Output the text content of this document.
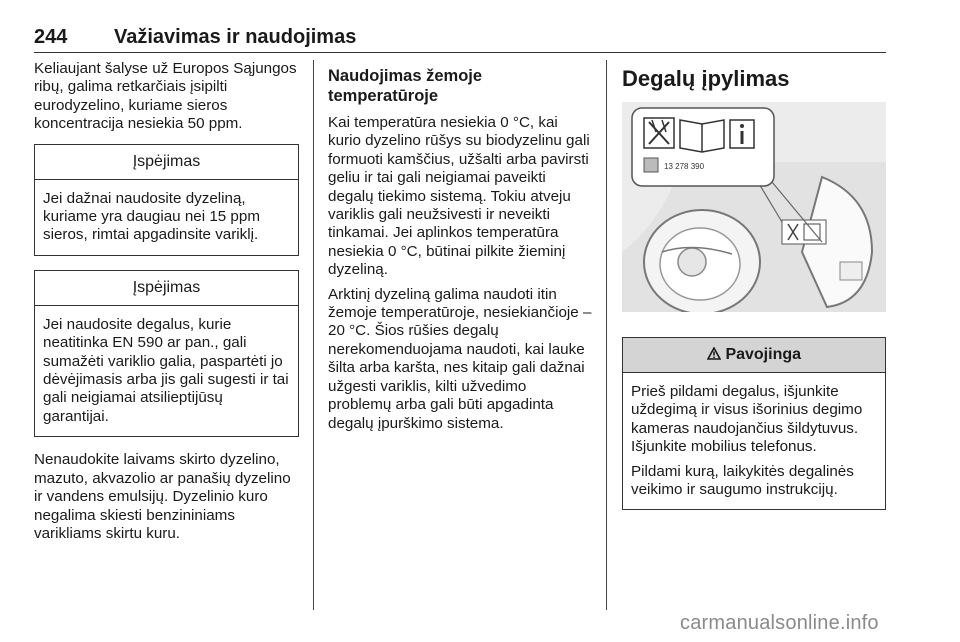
244 Važiavimas ir naudojimas

Keliaujant šalyse už Europos Sąjungos ribų, galima retkarčiais įsipilti eurodyzelino, kuriame sieros koncentracija nesiekia 50 ppm.

Įspėjimas

Jei dažnai naudosite dyzeliną, kuriame yra daugiau nei 15 ppm sieros, rimtai apgadinsite variklį.

Įspėjimas

Jei naudosite degalus, kurie neatitinka EN 590 ar pan., gali sumažėti variklio galia, paspartėti jo dėvėjimasis arba jis gali sugesti ir tai gali neigiamai atsilieptijūsų garantijai.

Nenaudokite laivams skirto dyzelino, mazuto, akvazolio ar panašių dyzelino ir vandens emulsijų. Dyzelinio kuro negalima skiesti benzininiams varikliams skirtu kuru.

Naudojimas žemoje temperatūroje

Kai temperatūra nesiekia 0 °C, kai kurio dyzelino rūšys su biodyzelinu gali formuoti kamščius, užšalti arba pavirsti geliu ir tai gali neigiamai paveikti degalų tiekimo sistemą. Tokiu atveju variklis gali neužsivesti ir neveikti tinkamai. Jei aplinkos temperatūra nesiekia 0 °C, būtinai pilkite žieminį dyzeliną.

Arktinį dyzeliną galima naudoti itin žemoje temperatūroje, nesiekiančioje –20 °C. Šios rūšies degalų nerekomenduojama naudoti, kai lauke šilta arba karšta, nes kitaip gali dažnai užgesti variklis, kilti užvedimo problemų arba gali būti apgadinta degalų įpurškimo sistema.

Degalų įpylimas
13 278 390
Pavojinga

Prieš pildami degalus, išjunkite uždegimą ir visus išorinius degimo kameras naudojančius šildytuvus. Išjunkite mobilius telefonus.

Pildami kurą, laikykitės degalinės veikimo ir saugumo instrukcijų.

carmanualsonline.info
